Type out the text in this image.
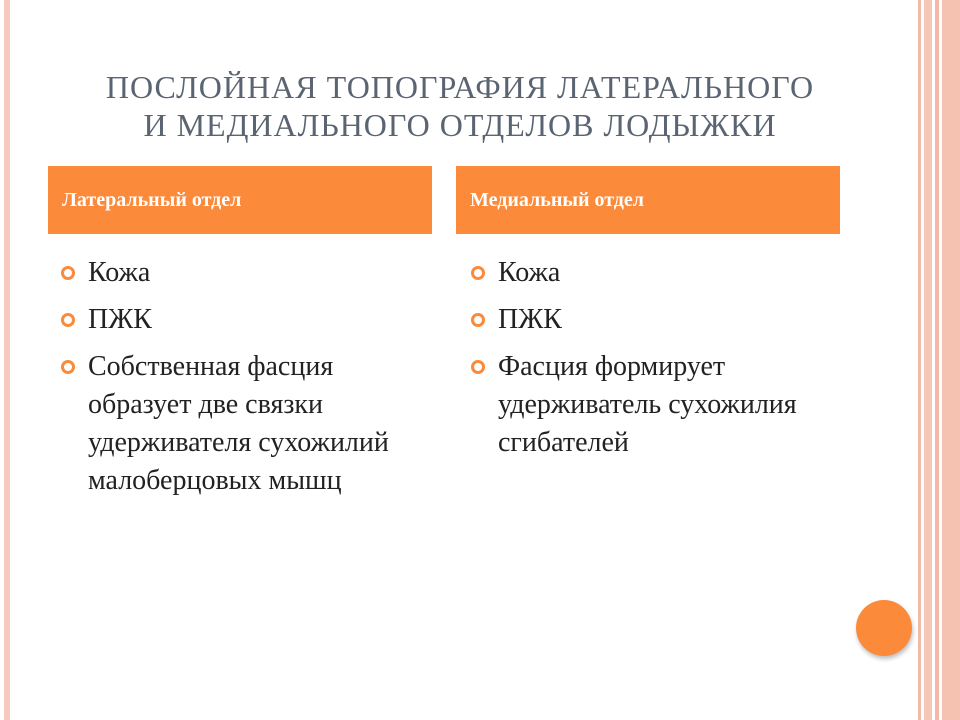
ПОСЛОЙНАЯ ТОПОГРАФИЯ ЛАТЕРАЛЬНОГО
И МЕДИАЛЬНОГО ОТДЕЛОВ ЛОДЫЖКИ
Латеральный отдел	Медиальный отдел
Кожа
ПЖК
Собственная фасция образует две связки удерживателя сухожилий малоберцовых мышц
Кожа
ПЖК
Фасция формирует удерживатель сухожилия сгибателей
